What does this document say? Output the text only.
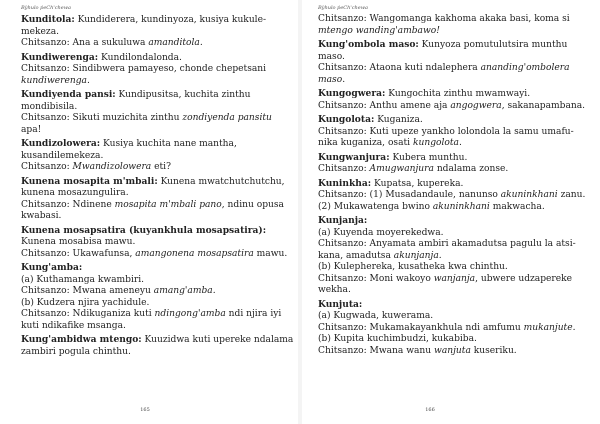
Bỳhulo ṗeCh'chewa
Kunditola: Kundiderera, kundinyoza, kusiya kukule-
mekeza.
Chitsanzo: Ana a sukuluwa amanditola.
Kundiwerenga: Kundilondalonda.
Chitsanzo: Sindibwera pamayeso, chonde chepetsani
kundiwerenga.
Kundiyenda pansi: Kundipusitsa, kuchita zinthu
mondibisila.
Chitsanzo: Sikuti muzichita zinthu zondiyenda pansitu
apa!
Kundizolowera: Kusiya kuchita nane mantha,
kusandilemekeza.
Chitsanzo: Mwandizolowera eti?
Kunena mosapita m'mbali: Kunena mwatchutchutchu,
kunena mosazungulira.
Chitsanzo: Ndinene mosapita m'mbali pano, ndinu opusa
kwabasi.
Kunena mosapsatira (kuyankhula mosapsatira):
Kunena mosabisa mawu.
Chitsanzo: Ukawafunsa, amangonena mosapsatira mawu.
Kung'amba:
(a) Kuthamanga kwambiri.
Chitsanzo: Mwana ameneyu amang'amba.
(b) Kudzera njira yachidule.
Chitsanzo: Ndikuganiza kuti ndingong'amba ndi njira iyi
kuti ndikafike msanga.
Kung'ambidwa mtengo: Kuuzidwa kuti upereke ndalama
zambiri pogula chinthu.
Bỳhulo ṗeCh'chewa
Chitsanzo: Wangomanga kakhoma akaka basi, koma si
mtengo wanding'ambawo!
Kung'ombola maso: Kunyoza pomutulutsira munthu
maso.
Chitsanzo: Ataona kuti ndalephera ananding'ombolera
maso.
Kungogwera: Kungochita zinthu mwamwayi.
Chitsanzo: Anthu amene aja angogwera, sakanapambana.
Kungolota: Kuganiza.
Chitsanzo: Kuti upeze yankho lolondola la samu umafu-
nika kuganiza, osati kungolota.
Kungwanjura: Kubera munthu.
Chitsanzo: Amugwanjura ndalama zonse.
Kuninkha: Kupatsa, kupereka.
Chitsanzo: (1) Musadandaule, nanunso akuninkhani zanu.
(2) Mukawatenga bwino akuninkhani makwacha.
Kunjanja:
(a) Kuyenda moyerekedwa.
Chitsanzo: Anyamata ambiri akamadutsa pagulu la atsi-
kana, amadutsa akunjanja.
(b) Kulephereka, kusatheka kwa chinthu.
Chitsanzo: Moni wakoyo wanjanja, ubwere udzapereke
wekha.
Kunjuta:
(a) Kugwada, kuwerama.
Chitsanzo: Mukamakayankhula ndi amfumu mukanjute.
(b) Kupita kuchimbudzi, kukabiba.
Chitsanzo: Mwana wanu wanjuta kuseriku.
165	166
